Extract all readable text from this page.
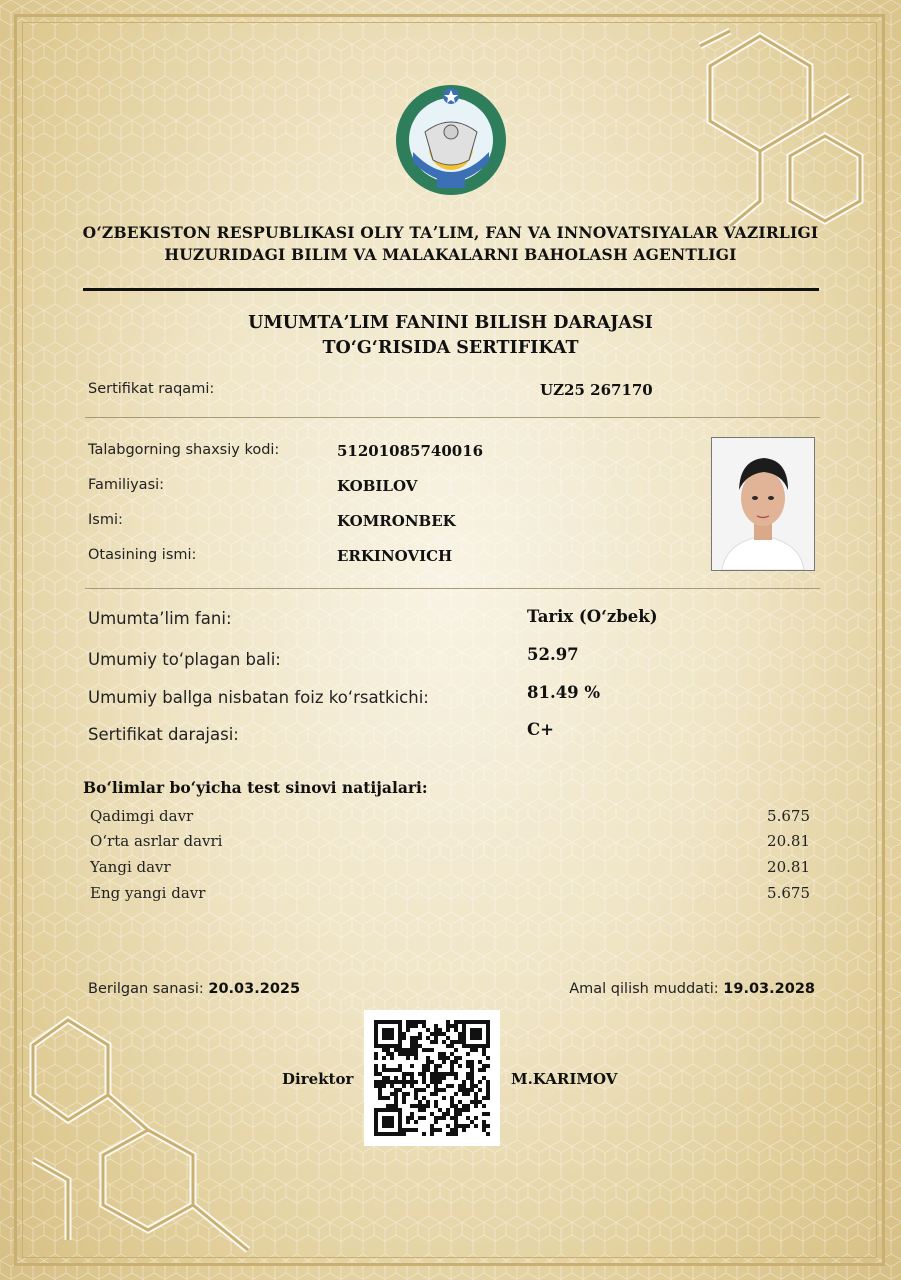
OʻZBEKISTON RESPUBLIKASI OLIY TAʼLIM, FAN VA INNOVATSIYALAR VAZIRLIGI
HUZURIDAGI BILIM VA MALAKALARNI BAHOLASH AGENTLIGI
UMUMTAʼLIM FANINI BILISH DARAJASI
TOʻGʻRISIDA SERTIFIKAT
Sertifikat raqami:	UZ25 267170
Talabgorning shaxsiy kodi:	51201085740016
Familiyasi:	KOBILOV
Ismi:	KOMRONBEK
Otasining ismi:	ERKINOVICH
Umumtaʼlim fani:	Tarix (Oʻzbek)
Umumiy toʻplagan bali:	52.97
Umumiy ballga nisbatan foiz koʻrsatkichi:	81.49 %
Sertifikat darajasi:	C+
Boʻlimlar boʻyicha test sinovi natijalari:
Qadimgi davr	5.675
Oʻrta asrlar davri	20.81
Yangi davr	20.81
Eng yangi davr	5.675
Berilgan sanasi: 20.03.2025	Amal qilish muddati: 19.03.2028
Direktor	M.KARIMOV
